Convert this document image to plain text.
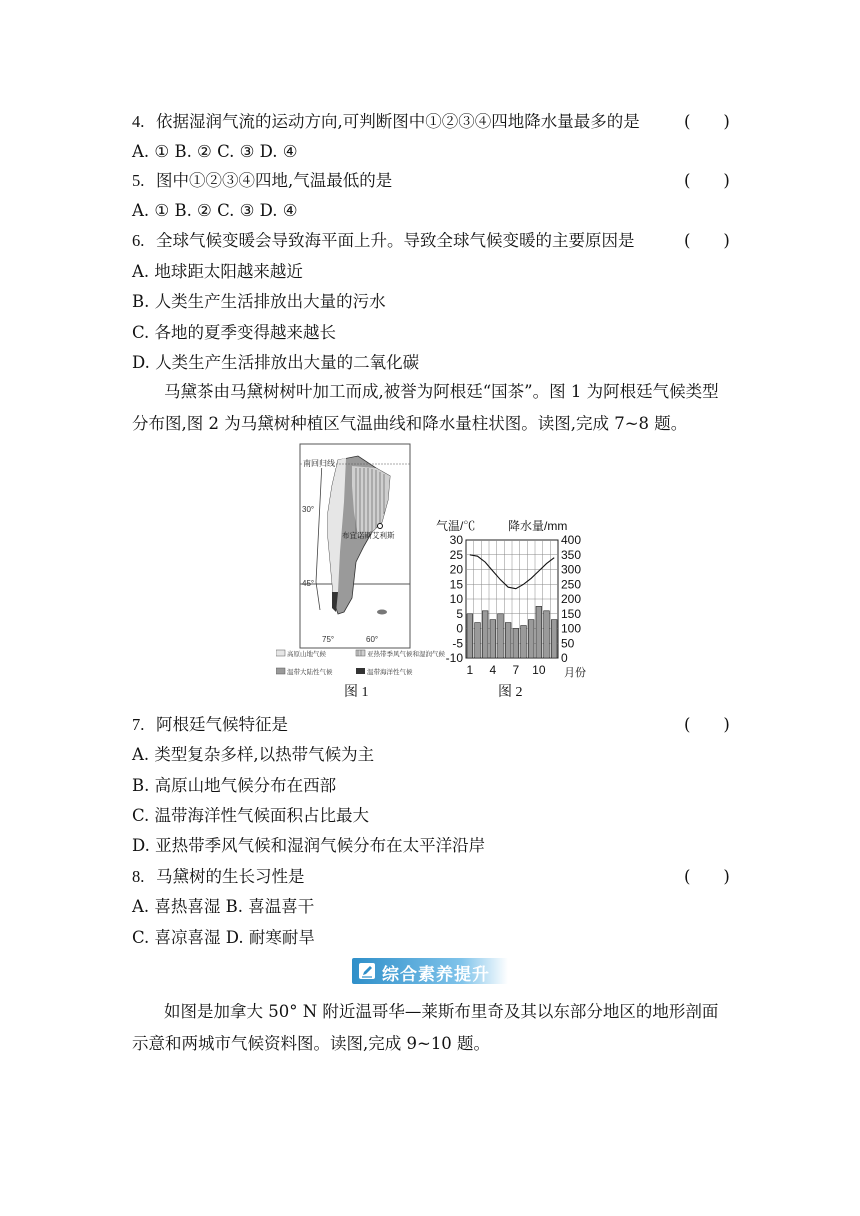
4. 依据湿润气流的运动方向,可判断图中①②③④四地降水量最多的是	(　　)
A. ① B. ② C. ③ D. ④
5. 图中①②③④四地,气温最低的是	(　　)
A. ① B. ② C. ③ D. ④
6. 全球气候变暖会导致海平面上升。导致全球气候变暖的主要原因是	(　　)
A. 地球距太阳越来越近
B. 人类生产生活排放出大量的污水
C. 各地的夏季变得越来越长
D. 人类生产生活排放出大量的二氧化碳
马黛茶由马黛树树叶加工而成,被誉为阿根廷“国茶”。图 1 为阿根廷气候类型分布图,图 2 为马黛树种植区气温曲线和降水量柱状图。读图,完成 7~8 题。
南回归线
布宜诺斯艾利斯
30°
45°
75°	60°
高原山地气候	亚热带季风气候和湿润气候
温带大陆性气候	温带海洋性气候
图 1
气温/℃	降水量/mm
30
25
20
15
10
5
0
-5
-10
400
350
300
250
200
150
100
50
0
1 4 7 10 月份
图 2
7. 阿根廷气候特征是	(　　)
A. 类型复杂多样,以热带气候为主
B. 高原山地气候分布在西部
C. 温带海洋性气候面积占比最大
D. 亚热带季风气候和湿润气候分布在太平洋沿岸
8. 马黛树的生长习性是	(　　)
A. 喜热喜湿 B. 喜温喜干
C. 喜凉喜湿 D. 耐寒耐旱
综合素养提升
如图是加拿大 50° N 附近温哥华—莱斯布里奇及其以东部分地区的地形剖面示意和两城市气候资料图。读图,完成 9~10 题。
